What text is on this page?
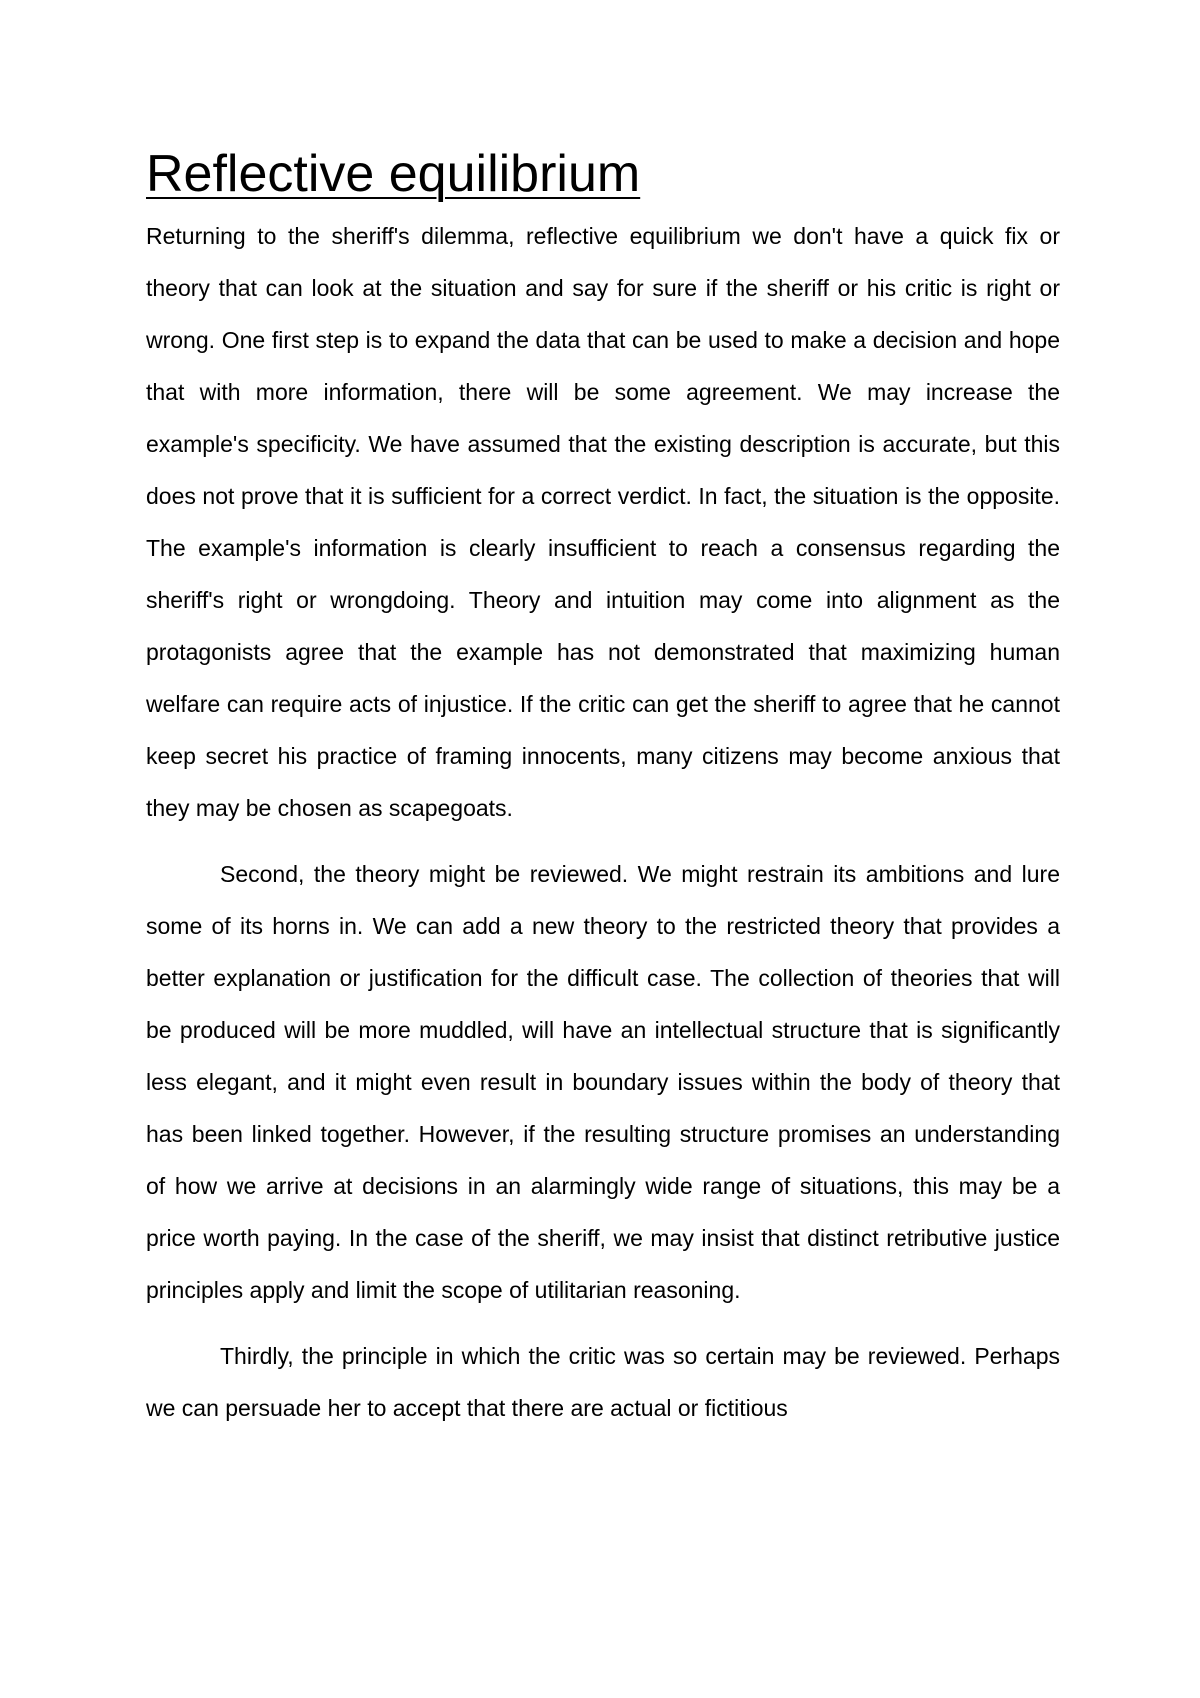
Reflective equilibrium

Returning to the sheriff's dilemma, reflective equilibrium we don't have a quick fix or theory that can look at the situation and say for sure if the sheriff or his critic is right or wrong. One first step is to expand the data that can be used to make a decision and hope that with more information, there will be some agreement. We may increase the example's specificity. We have assumed that the existing description is accurate, but this does not prove that it is sufficient for a correct verdict. In fact, the situation is the opposite. The example's information is clearly insufficient to reach a consensus regarding the sheriff's right or wrongdoing. Theory and intuition may come into alignment as the protagonists agree that the example has not demonstrated that maximizing human welfare can require acts of injustice. If the critic can get the sheriff to agree that he cannot keep secret his practice of framing innocents, many citizens may become anxious that they may be chosen as scapegoats.

Second, the theory might be reviewed. We might restrain its ambitions and lure some of its horns in. We can add a new theory to the restricted theory that provides a better explanation or justification for the difficult case. The collection of theories that will be produced will be more muddled, will have an intellectual structure that is significantly less elegant, and it might even result in boundary issues within the body of theory that has been linked together. However, if the resulting structure promises an understanding of how we arrive at decisions in an alarmingly wide range of situations, this may be a price worth paying. In the case of the sheriff, we may insist that distinct retributive justice principles apply and limit the scope of utilitarian reasoning.

Thirdly, the principle in which the critic was so certain may be reviewed. Perhaps we can persuade her to accept that there are actual or fictitious
